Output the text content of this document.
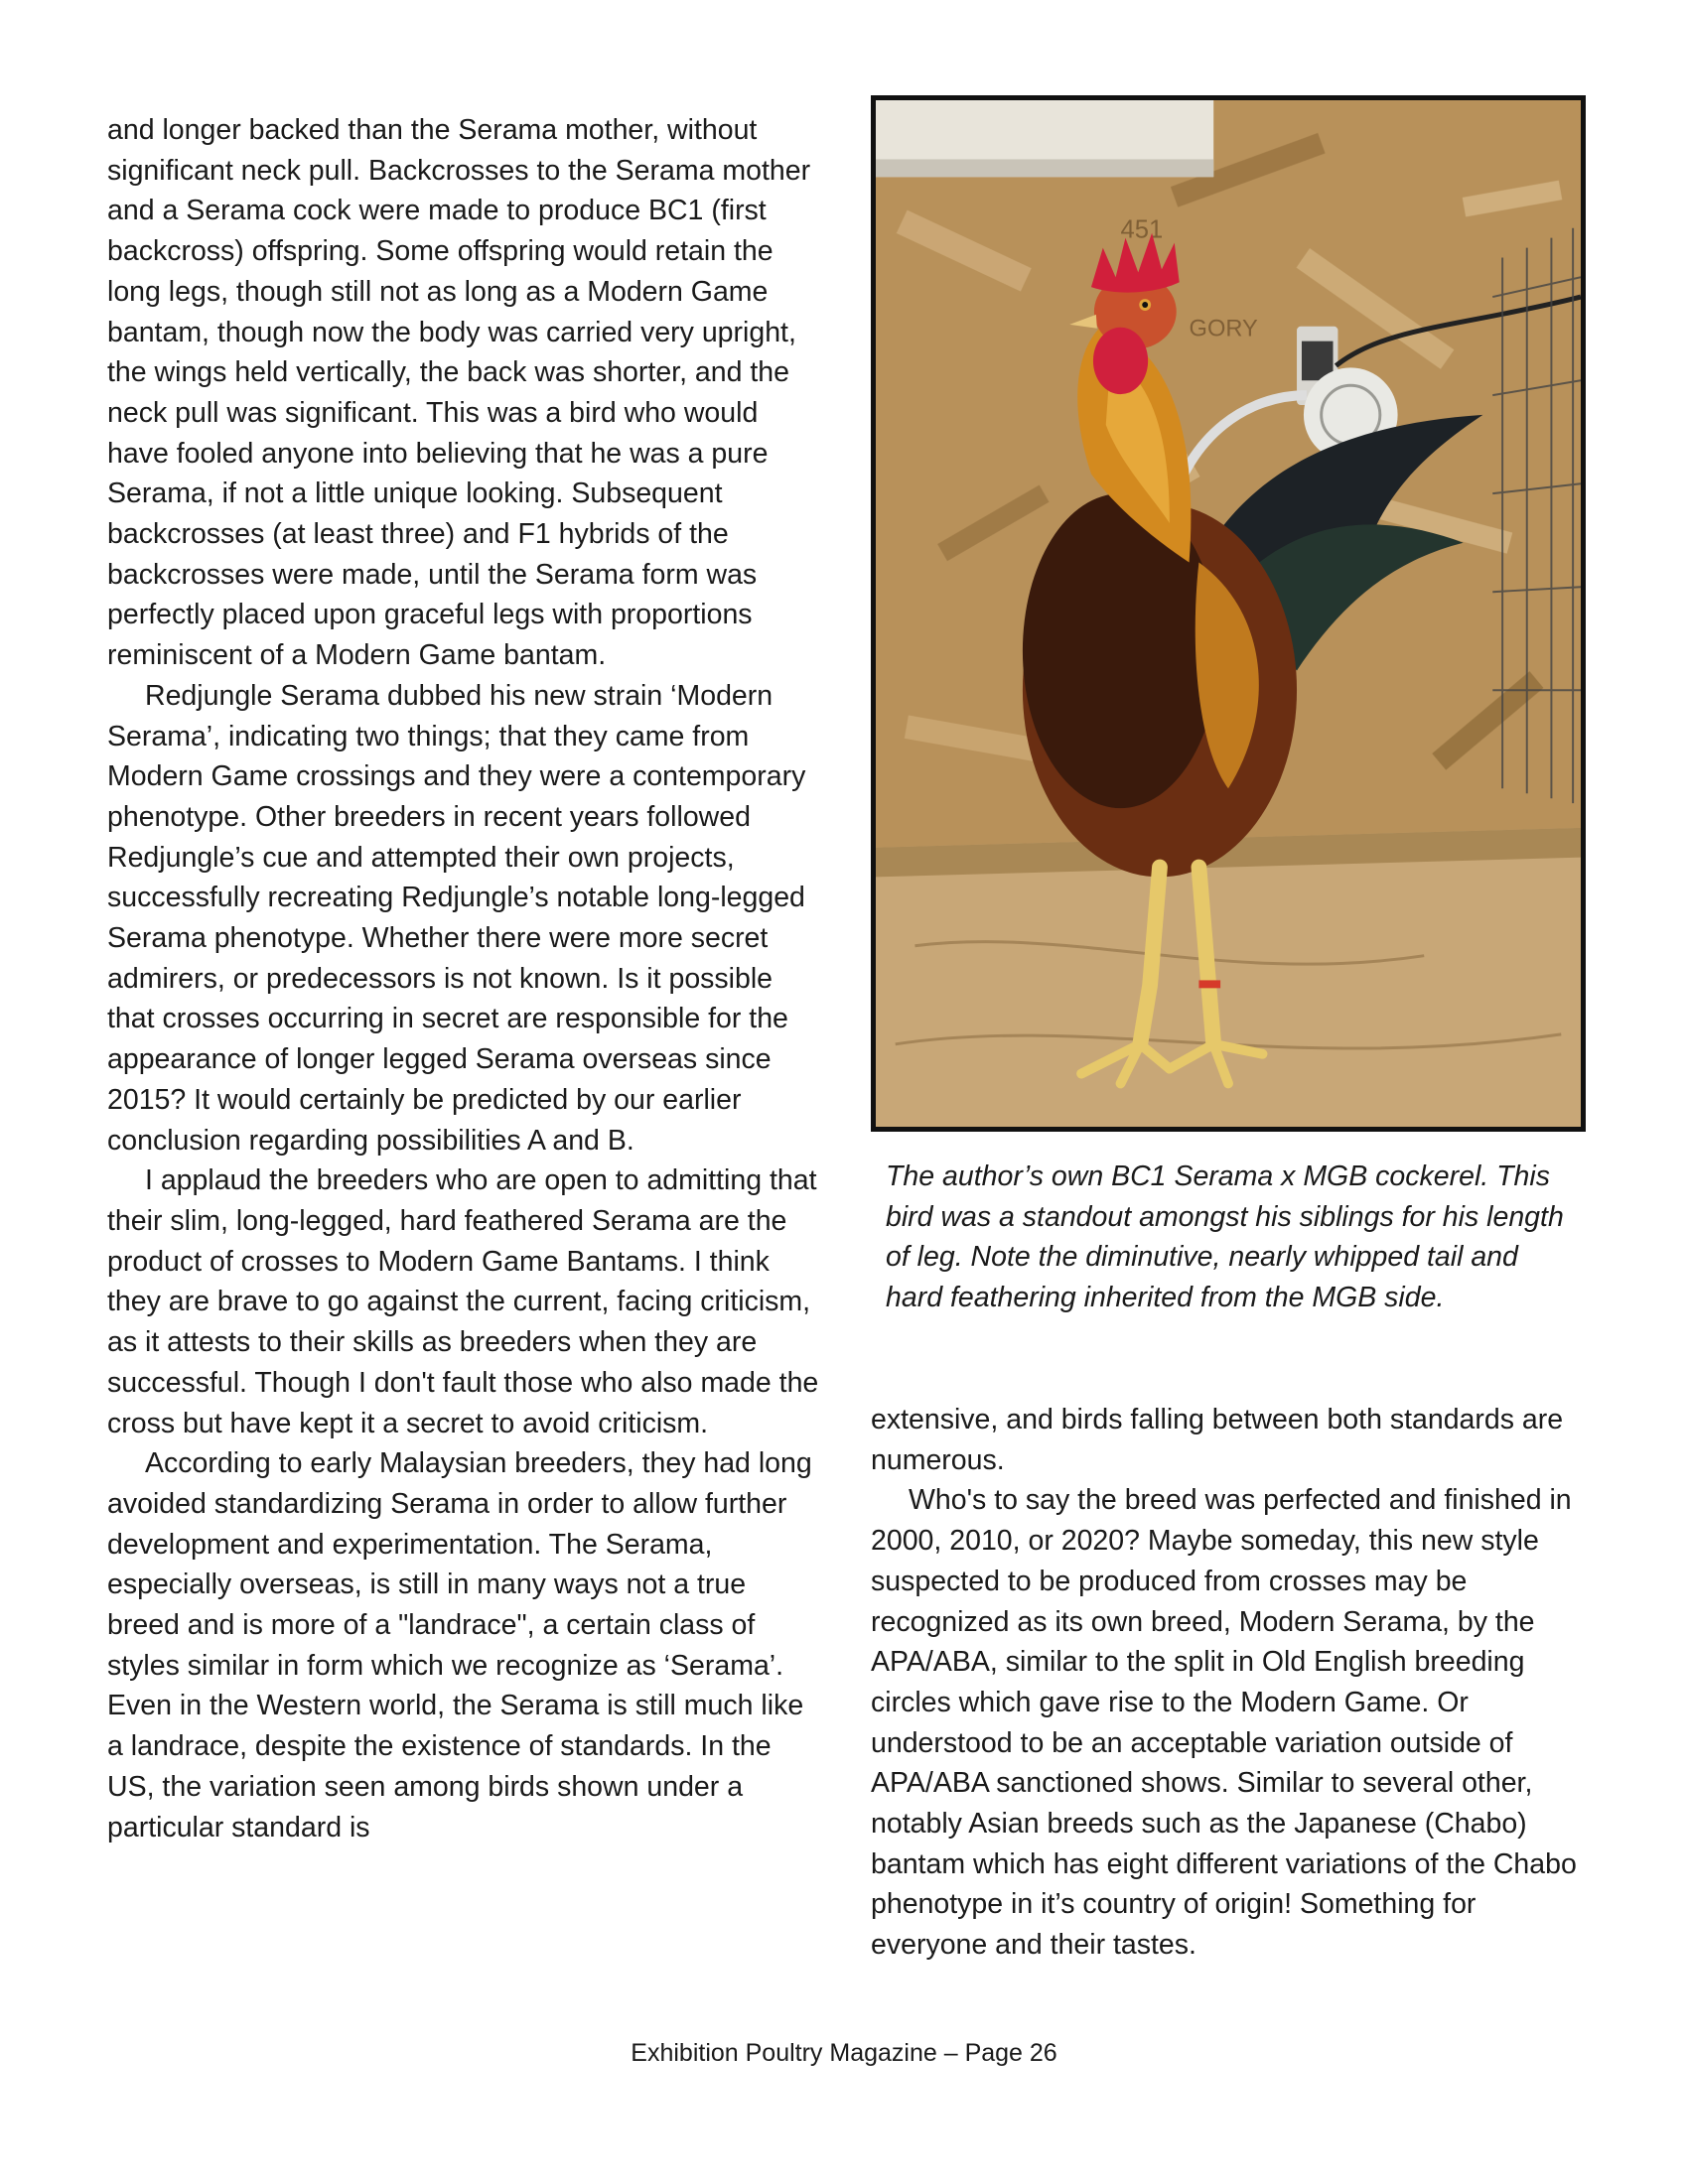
and longer backed than the Serama mother, without significant neck pull. Backcrosses to the Serama mother and a Serama cock were made to produce BC1 (first backcross) offspring. Some offspring would retain the long legs, though still not as long as a Modern Game bantam, though now the body was carried very upright, the wings held vertically, the back was shorter, and the neck pull was significant. This was a bird who would have fooled anyone into believing that he was a pure Serama, if not a little unique looking. Subsequent backcrosses (at least three) and F1 hybrids of the backcrosses were made, until the Serama form was perfectly placed upon graceful legs with proportions reminiscent of a Modern Game bantam.

Redjungle Serama dubbed his new strain ‘Modern Serama’, indicating two things; that they came from Modern Game crossings and they were a contemporary phenotype. Other breeders in recent years followed Redjungle’s cue and attempted their own projects, successfully recreating Redjungle’s notable long-legged Serama phenotype. Whether there were more secret admirers, or predecessors is not known. Is it possible that crosses occurring in secret are responsible for the appearance of longer legged Serama overseas since 2015? It would certainly be predicted by our earlier conclusion regarding possibilities A and B.

I applaud the breeders who are open to admitting that their slim, long-legged, hard feathered Serama are the product of crosses to Modern Game Bantams. I think they are brave to go against the current, facing criticism, as it attests to their skills as breeders when they are successful. Though I don't fault those who also made the cross but have kept it a secret to avoid criticism.

According to early Malaysian breeders, they had long avoided standardizing Serama in order to allow further development and experimentation. The Serama, especially overseas, is still in many ways not a true breed and is more of a "landrace", a certain class of styles similar in form which we recognize as ‘Serama’. Even in the Western world, the Serama is still much like a landrace, despite the existence of standards. In the US, the variation seen among birds shown under a particular standard is

451
GORY

The author’s own BC1 Serama x MGB cockerel. This bird was a standout amongst his siblings for his length of leg. Note the diminutive, nearly whipped tail and hard feathering inherited from the MGB side.

extensive, and birds falling between both standards are numerous.

Who's to say the breed was perfected and finished in 2000, 2010, or 2020? Maybe someday, this new style suspected to be produced from crosses may be recognized as its own breed, Modern Serama, by the APA/ABA, similar to the split in Old English breeding circles which gave rise to the Modern Game. Or understood to be an acceptable variation outside of APA/ABA sanctioned shows. Similar to several other, notably Asian breeds such as the Japanese (Chabo) bantam which has eight different variations of the Chabo phenotype in it’s country of origin! Something for everyone and their tastes.

Exhibition Poultry Magazine – Page 26
